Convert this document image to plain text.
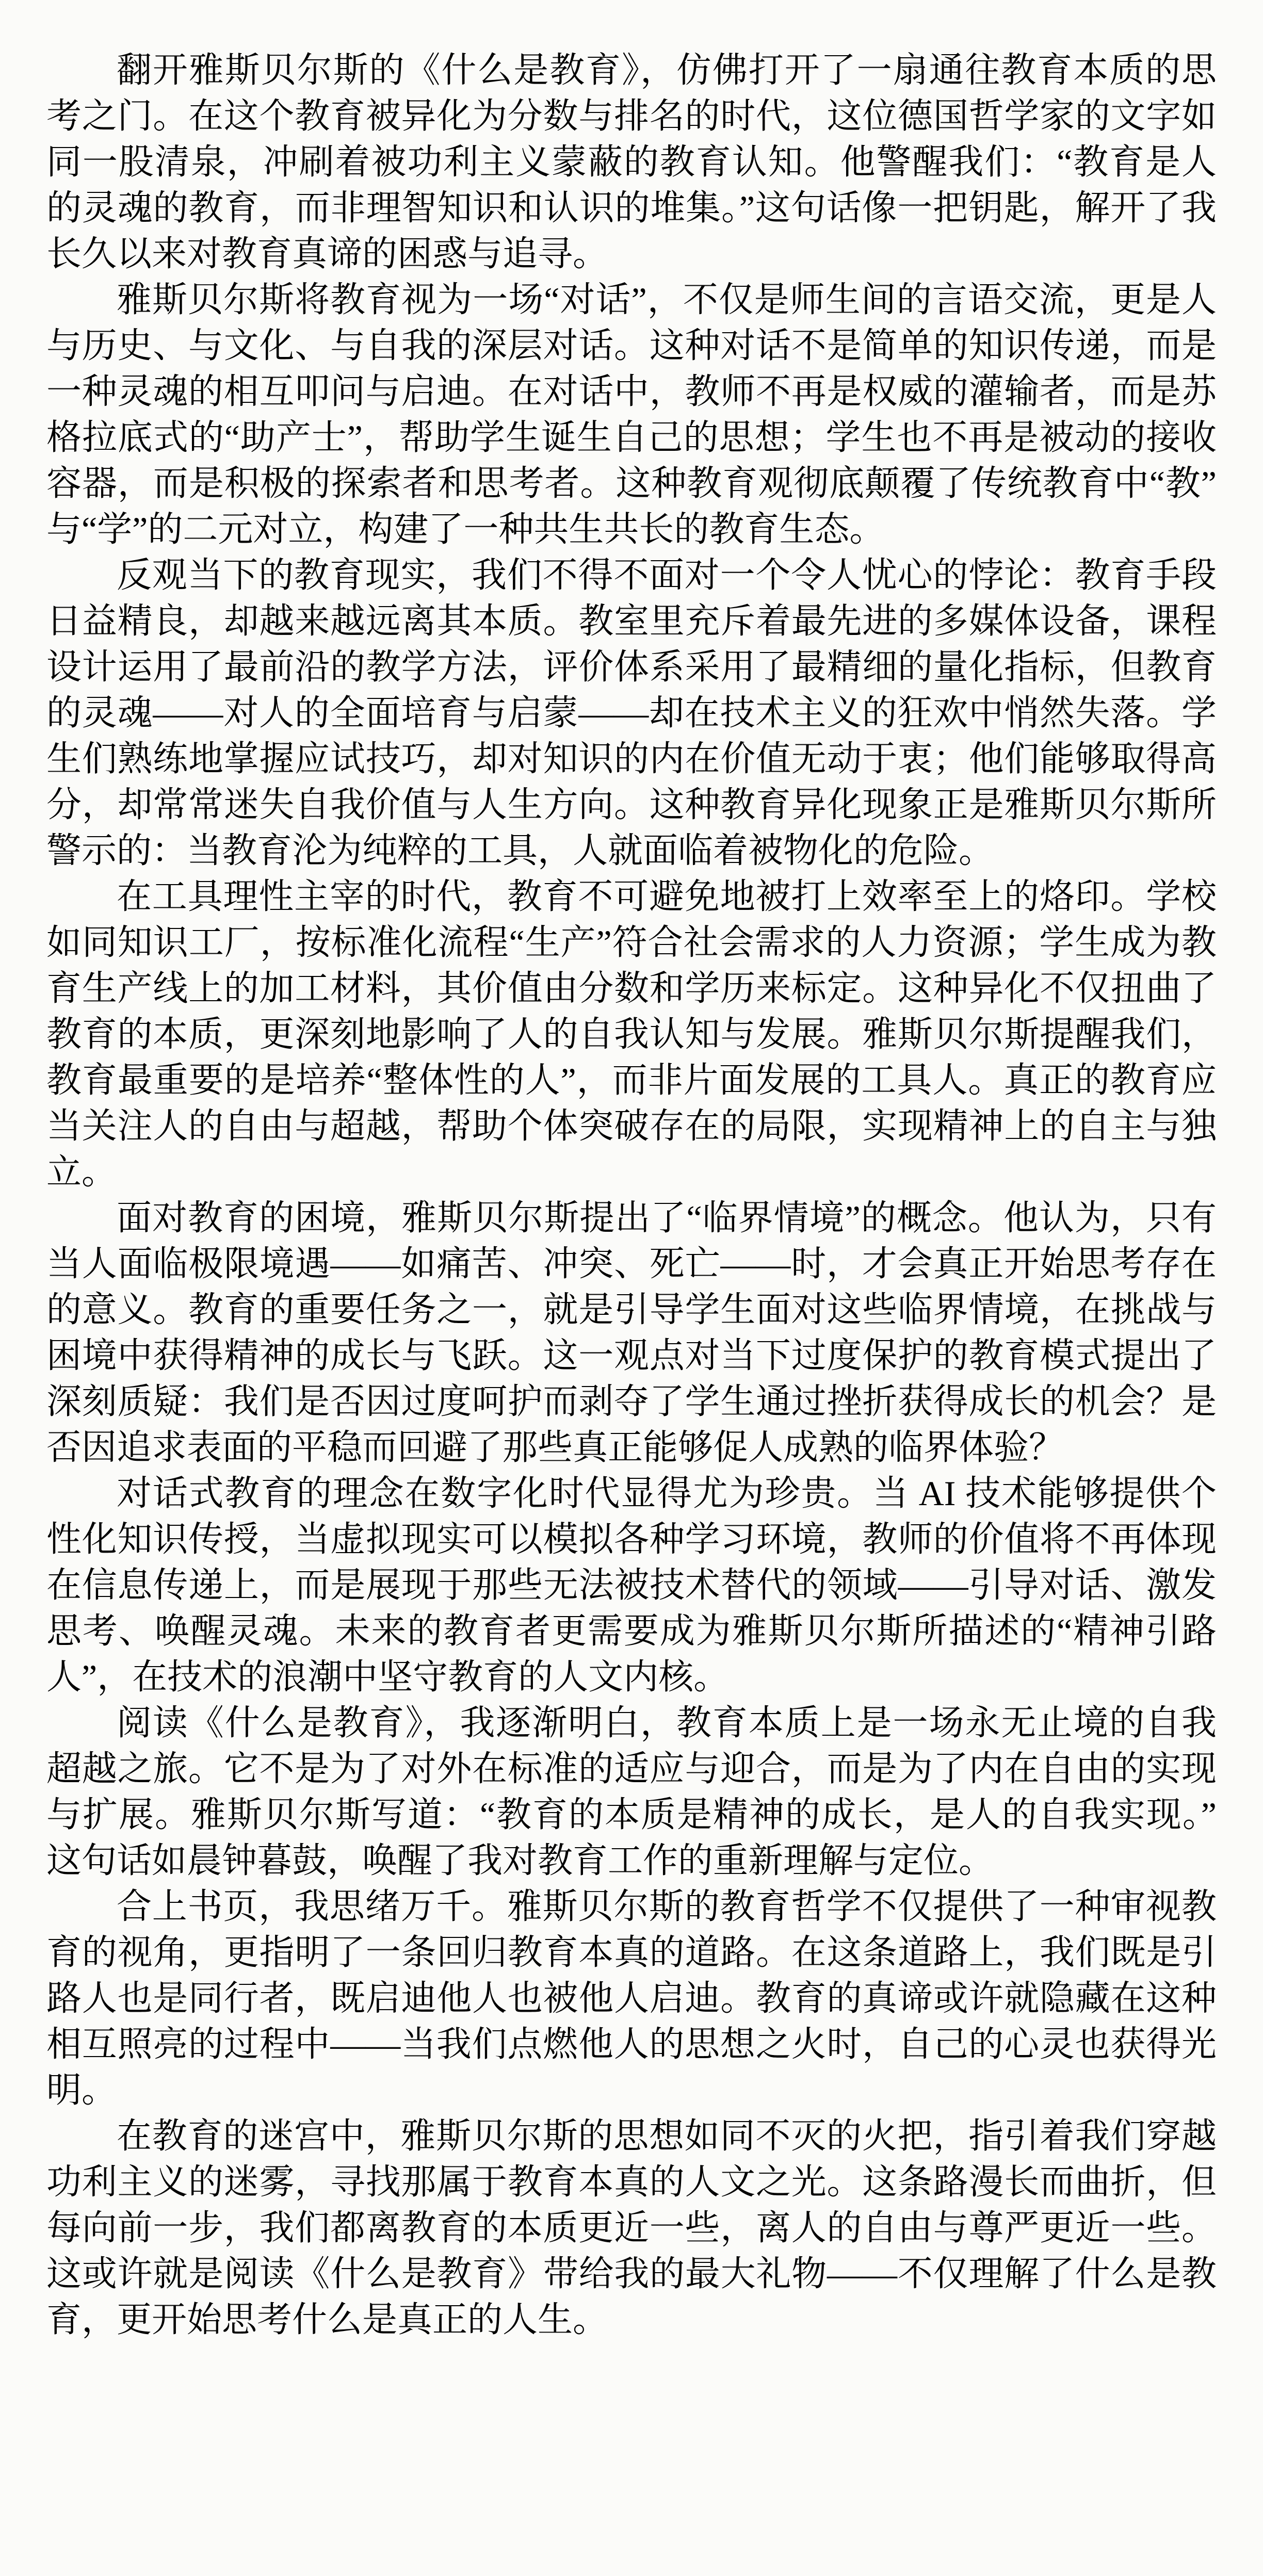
翻开雅斯贝尔斯的《什么是教育》，仿佛打开了一扇通往教育本质的思考之门。在这个教育被异化为分数与排名的时代，这位德国哲学家的文字如同一股清泉，冲刷着被功利主义蒙蔽的教育认知。他警醒我们：“教育是人的灵魂的教育，而非理智知识和认识的堆集。”这句话像一把钥匙，解开了我长久以来对教育真谛的困惑与追寻。

雅斯贝尔斯将教育视为一场“对话”，不仅是师生间的言语交流，更是人与历史、与文化、与自我的深层对话。这种对话不是简单的知识传递，而是一种灵魂的相互叩问与启迪。在对话中，教师不再是权威的灌输者，而是苏格拉底式的“助产士”，帮助学生诞生自己的思想；学生也不再是被动的接收容器，而是积极的探索者和思考者。这种教育观彻底颠覆了传统教育中“教”与“学”的二元对立，构建了一种共生共长的教育生态。

反观当下的教育现实，我们不得不面对一个令人忧心的悖论：教育手段日益精良，却越来越远离其本质。教室里充斥着最先进的多媒体设备，课程设计运用了最前沿的教学方法，评价体系采用了最精细的量化指标，但教育的灵魂——对人的全面培育与启蒙——却在技术主义的狂欢中悄然失落。学生们熟练地掌握应试技巧，却对知识的内在价值无动于衷；他们能够取得高分，却常常迷失自我价值与人生方向。这种教育异化现象正是雅斯贝尔斯所警示的：当教育沦为纯粹的工具，人就面临着被物化的危险。

在工具理性主宰的时代，教育不可避免地被打上效率至上的烙印。学校如同知识工厂，按标准化流程“生产”符合社会需求的人力资源；学生成为教育生产线上的加工材料，其价值由分数和学历来标定。这种异化不仅扭曲了教育的本质，更深刻地影响了人的自我认知与发展。雅斯贝尔斯提醒我们，教育最重要的是培养“整体性的人”，而非片面发展的工具人。真正的教育应当关注人的自由与超越，帮助个体突破存在的局限，实现精神上的自主与独立。

面对教育的困境，雅斯贝尔斯提出了“临界情境”的概念。他认为，只有当人面临极限境遇——如痛苦、冲突、死亡——时，才会真正开始思考存在的意义。教育的重要任务之一，就是引导学生面对这些临界情境，在挑战与困境中获得精神的成长与飞跃。这一观点对当下过度保护的教育模式提出了深刻质疑：我们是否因过度呵护而剥夺了学生通过挫折获得成长的机会？是否因追求表面的平稳而回避了那些真正能够促人成熟的临界体验？

对话式教育的理念在数字化时代显得尤为珍贵。当 AI 技术能够提供个性化知识传授，当虚拟现实可以模拟各种学习环境，教师的价值将不再体现在信息传递上，而是展现于那些无法被技术替代的领域——引导对话、激发思考、唤醒灵魂。未来的教育者更需要成为雅斯贝尔斯所描述的“精神引路人”，在技术的浪潮中坚守教育的人文内核。

阅读《什么是教育》，我逐渐明白，教育本质上是一场永无止境的自我超越之旅。它不是为了对外在标准的适应与迎合，而是为了内在自由的实现与扩展。雅斯贝尔斯写道：“教育的本质是精神的成长，是人的自我实现。”这句话如晨钟暮鼓，唤醒了我对教育工作的重新理解与定位。

合上书页，我思绪万千。雅斯贝尔斯的教育哲学不仅提供了一种审视教育的视角，更指明了一条回归教育本真的道路。在这条道路上，我们既是引路人也是同行者，既启迪他人也被他人启迪。教育的真谛或许就隐藏在这种相互照亮的过程中——当我们点燃他人的思想之火时，自己的心灵也获得光明。

在教育的迷宫中，雅斯贝尔斯的思想如同不灭的火把，指引着我们穿越功利主义的迷雾，寻找那属于教育本真的人文之光。这条路漫长而曲折，但每向前一步，我们都离教育的本质更近一些，离人的自由与尊严更近一些。这或许就是阅读《什么是教育》带给我的最大礼物——不仅理解了什么是教育，更开始思考什么是真正的人生。
